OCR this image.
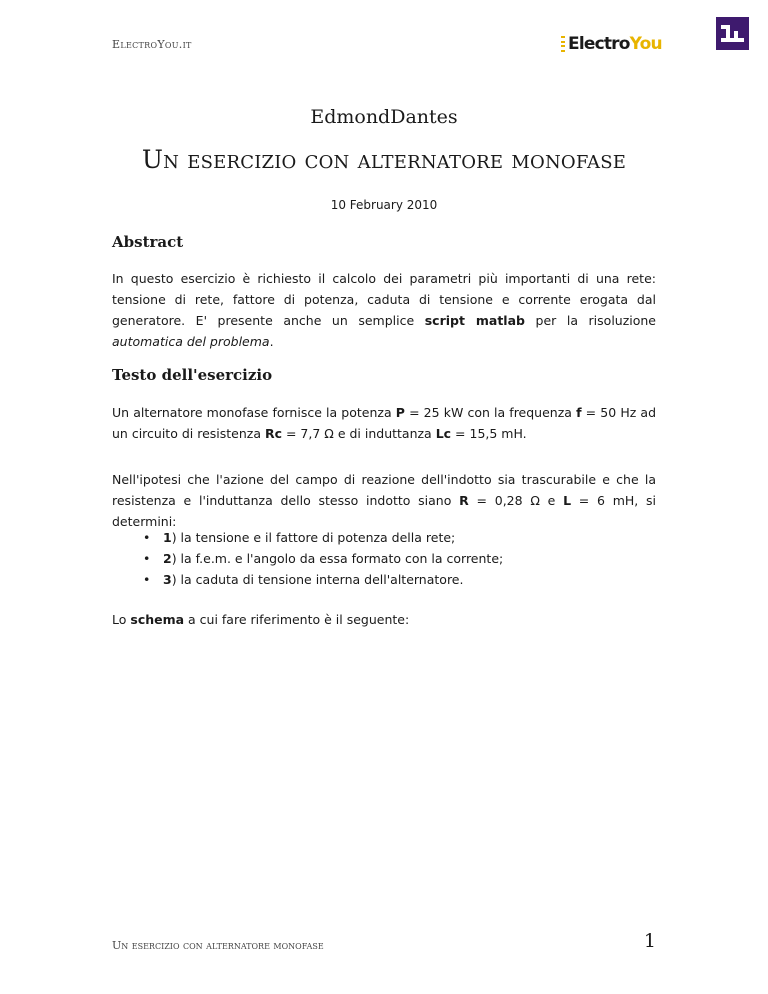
ElectroYou.it	ElectroYou
EdmondDantes
Un esercizio con alternatore monofase
10 February 2010
Abstract

In questo esercizio è richiesto il calcolo dei parametri più importanti di una rete: tensione di rete, fattore di potenza, caduta di tensione e corrente erogata dal generatore. E' presente anche un semplice script matlab per la risoluzione automatica del problema.

Testo dell'esercizio

Un alternatore monofase fornisce la potenza P = 25 kW con la frequenza f = 50 Hz ad un circuito di resistenza Rc = 7,7 Ω e di induttanza Lc = 15,5 mH.

Nell'ipotesi che l'azione del campo di reazione dell'indotto sia trascurabile e che la resistenza e l'induttanza dello stesso indotto siano R = 0,28 Ω e L = 6 mH, si determini:

• 1) la tensione e il fattore di potenza della rete;
• 2) la f.e.m. e l'angolo da essa formato con la corrente;
• 3) la caduta di tensione interna dell'alternatore.

Lo schema a cui fare riferimento è il seguente:

Un esercizio con alternatore monofase	1
